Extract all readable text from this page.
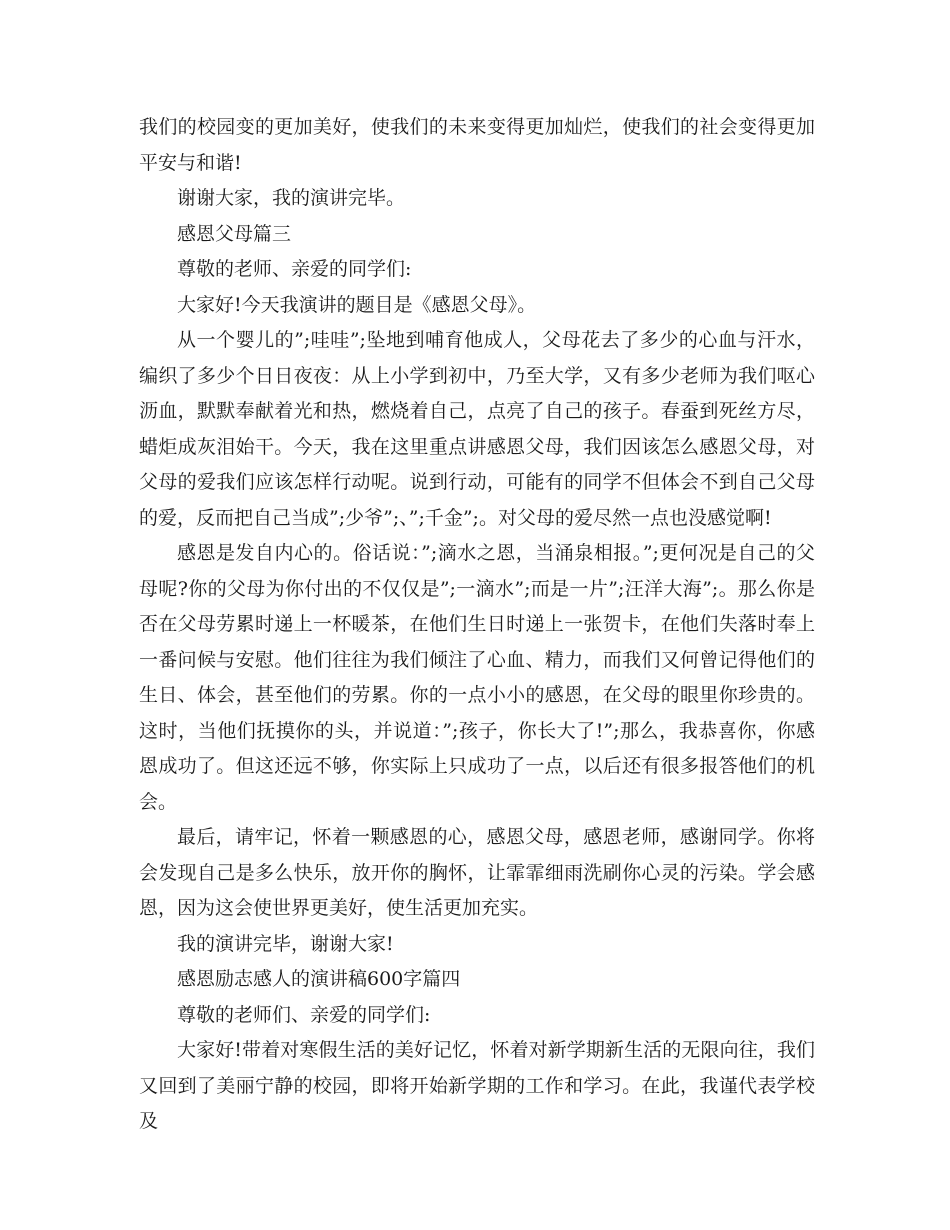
我们的校园变的更加美好，使我们的未来变得更加灿烂，使我们的社会变得更加平安与和谐!

谢谢大家，我的演讲完毕。

感恩父母篇三

尊敬的老师、亲爱的同学们:

大家好!今天我演讲的题目是《感恩父母》。

从一个婴儿的”;哇哇”;坠地到哺育他成人，父母花去了多少的心血与汗水，编织了多少个日日夜夜：从上小学到初中，乃至大学，又有多少老师为我们呕心沥血，默默奉献着光和热，燃烧着自己，点亮了自己的孩子。春蚕到死丝方尽，蜡炬成灰泪始干。今天，我在这里重点讲感恩父母，我们因该怎么感恩父母，对父母的爱我们应该怎样行动呢。说到行动，可能有的同学不但体会不到自己父母的爱，反而把自己当成”;少爷”;、”;千金”;。对父母的爱尽然一点也没感觉啊!

感恩是发自内心的。俗话说：”;滴水之恩，当涌泉相报。”;更何况是自己的父母呢?你的父母为你付出的不仅仅是”;一滴水”;而是一片”;汪洋大海”;。那么你是否在父母劳累时递上一杯暖茶，在他们生日时递上一张贺卡，在他们失落时奉上一番问候与安慰。他们往往为我们倾注了心血、精力，而我们又何曾记得他们的生日、体会，甚至他们的劳累。你的一点小小的感恩，在父母的眼里你珍贵的。这时，当他们抚摸你的头，并说道：”;孩子，你长大了!”;那么，我恭喜你，你感恩成功了。但这还远不够，你实际上只成功了一点，以后还有很多报答他们的机会。

最后，请牢记，怀着一颗感恩的心，感恩父母，感恩老师，感谢同学。你将会发现自己是多么快乐，放开你的胸怀，让霏霏细雨洗刷你心灵的污染。学会感恩，因为这会使世界更美好，使生活更加充实。

我的演讲完毕，谢谢大家!

感恩励志感人的演讲稿600字篇四

尊敬的老师们、亲爱的同学们:

大家好!带着对寒假生活的美好记忆，怀着对新学期新生活的无限向往，我们又回到了美丽宁静的校园，即将开始新学期的工作和学习。在此，我谨代表学校及
